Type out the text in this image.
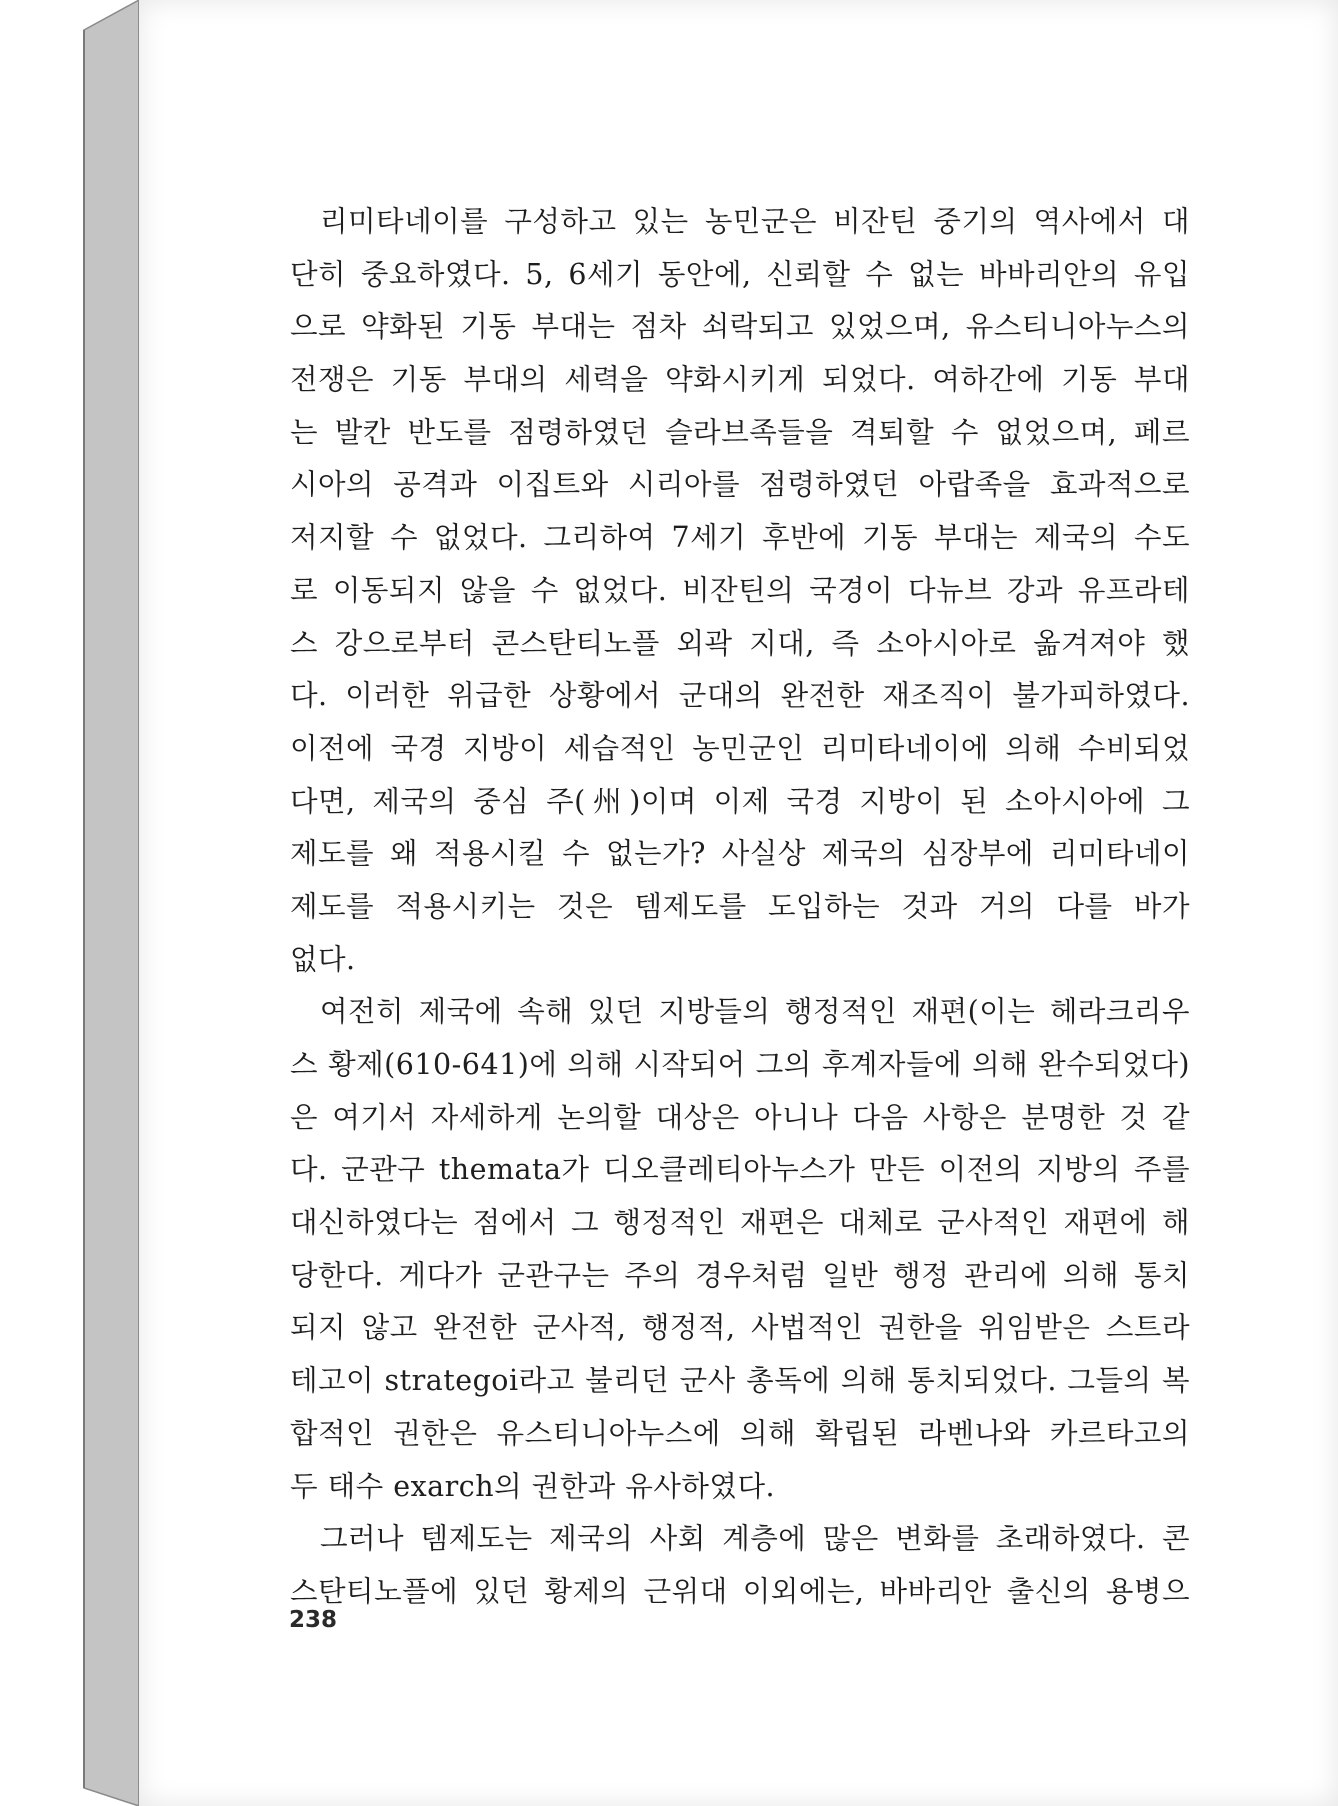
리미타네이를 구성하고 있는 농민군은 비잔틴 중기의 역사에서 대
단히 중요하였다. 5, 6세기 동안에, 신뢰할 수 없는 바바리안의 유입
으로 약화된 기동 부대는 점차 쇠락되고 있었으며, 유스티니아누스의
전쟁은 기동 부대의 세력을 약화시키게 되었다. 여하간에 기동 부대
는 발칸 반도를 점령하였던 슬라브족들을 격퇴할 수 없었으며, 페르
시아의 공격과 이집트와 시리아를 점령하였던 아랍족을 효과적으로
저지할 수 없었다. 그리하여 7세기 후반에 기동 부대는 제국의 수도
로 이동되지 않을 수 없었다. 비잔틴의 국경이 다뉴브 강과 유프라테
스 강으로부터 콘스탄티노플 외곽 지대, 즉 소아시아로 옮겨져야 했
다. 이러한 위급한 상황에서 군대의 완전한 재조직이 불가피하였다.
이전에 국경 지방이 세습적인 농민군인 리미타네이에 의해 수비되었
다면, 제국의 중심 주(州)이며 이제 국경 지방이 된 소아시아에 그
제도를 왜 적용시킬 수 없는가? 사실상 제국의 심장부에 리미타네이
제도를 적용시키는 것은 템제도를 도입하는 것과 거의 다를 바가
없다.
여전히 제국에 속해 있던 지방들의 행정적인 재편(이는 헤라크리우
스 황제(610-641)에 의해 시작되어 그의 후계자들에 의해 완수되었다)
은 여기서 자세하게 논의할 대상은 아니나 다음 사항은 분명한 것 같
다. 군관구 themata가 디오클레티아누스가 만든 이전의 지방의 주를
대신하였다는 점에서 그 행정적인 재편은 대체로 군사적인 재편에 해
당한다. 게다가 군관구는 주의 경우처럼 일반 행정 관리에 의해 통치
되지 않고 완전한 군사적, 행정적, 사법적인 권한을 위임받은 스트라
테고이 strategoi라고 불리던 군사 총독에 의해 통치되었다. 그들의 복
합적인 권한은 유스티니아누스에 의해 확립된 라벤나와 카르타고의
두 태수 exarch의 권한과 유사하였다.
그러나 템제도는 제국의 사회 계층에 많은 변화를 초래하였다. 콘
스탄티노플에 있던 황제의 근위대 이외에는, 바바리안 출신의 용병으
238
